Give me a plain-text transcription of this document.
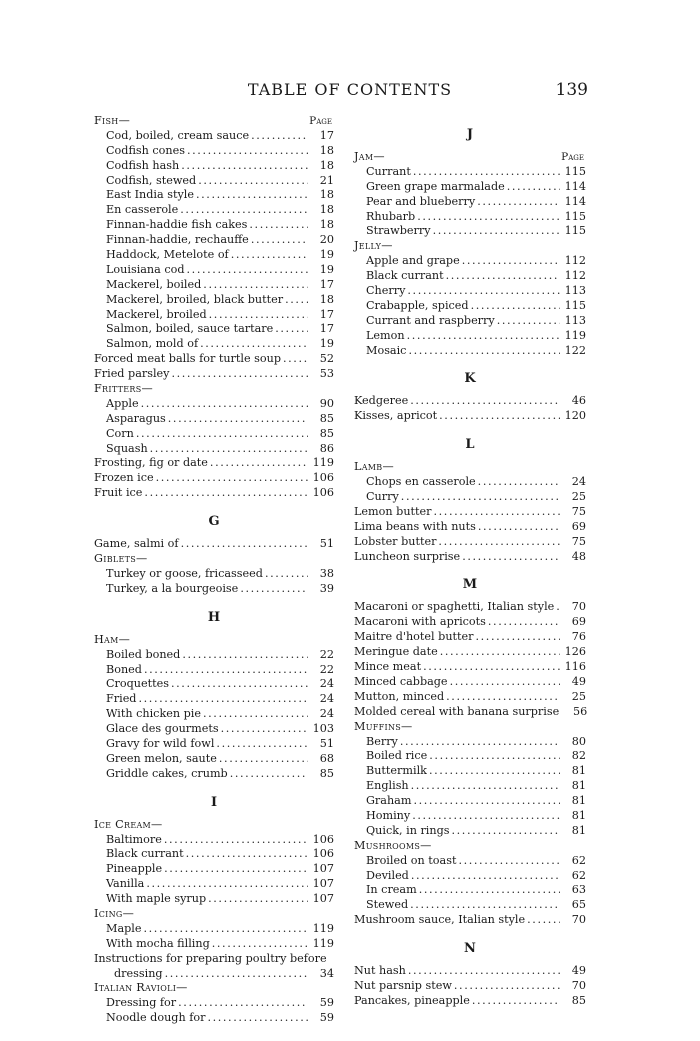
TABLE OF CONTENTS	139
Fish—	Page
Cod, boiled, cream sauce .....	17
Codfish cones .....	18
Codfish hash .....	18
Codfish, stewed .....	21
East India style .....	18
En casserole .....	18
Finnan-haddie fish cakes .....	18
Finnan-haddie, rechauffe .....	20
Haddock, Metelote of .....	19
Louisiana cod .....	19
Mackerel, boiled .....	17
Mackerel, broiled, black butter .....	18
Mackerel, broiled .....	17
Salmon, boiled, sauce tartare .....	17
Salmon, mold of .....	19
Forced meat balls for turtle soup .....	52
Fried parsley .....	53
Fritters—
Apple .....	90
Asparagus .....	85
Corn .....	85
Squash .....	86
Frosting, fig or date .....	119
Frozen ice .....	106
Fruit ice .....	106
G
Game, salmi of .....	51
Giblets—
Turkey or goose, fricasseed .....	38
Turkey, a la bourgeoise .....	39
H
Ham—
Boiled boned .....	22
Boned .....	22
Croquettes .....	24
Fried .....	24
With chicken pie .....	24
Glace des gourmets .....	103
Gravy for wild fowl .....	51
Green melon, saute .....	68
Griddle cakes, crumb .....	85
I
Ice Cream—
Baltimore .....	106
Black currant .....	106
Pineapple .....	107
Vanilla .....	107
With maple syrup .....	107
Icing—
Maple .....	119
With mocha filling .....	119
Instructions for preparing poultry before
dressing .....	34
Italian Ravioli—
Dressing for .....	59
Noodle dough for .....	59
J
Jam—	Page
Currant .....	115
Green grape marmalade .....	114
Pear and blueberry .....	114
Rhubarb .....	115
Strawberry .....	115
Jelly—
Apple and grape .....	112
Black currant .....	112
Cherry .....	113
Crabapple, spiced .....	115
Currant and raspberry .....	113
Lemon .....	119
Mosaic .....	122
K
Kedgeree .....	46
Kisses, apricot .....	120
L
Lamb—
Chops en casserole .....	24
Curry .....	25
Lemon butter .....	75
Lima beans with nuts .....	69
Lobster butter .....	75
Luncheon surprise .....	48
M
Macaroni or spaghetti, Italian style .....	70
Macaroni with apricots .....	69
Maitre d'hotel butter .....	76
Meringue date .....	126
Mince meat .....	116
Minced cabbage .....	49
Mutton, minced .....	25
Molded cereal with banana surprise	56
Muffins—
Berry .....	80
Boiled rice .....	82
Buttermilk .....	81
English .....	81
Graham .....	81
Hominy .....	81
Quick, in rings .....	81
Mushrooms—
Broiled on toast .....	62
Deviled .....	62
In cream .....	63
Stewed .....	65
Mushroom sauce, Italian style .....	70
N
Nut hash .....	49
Nut parsnip stew .....	70
Pancakes, pineapple .....	85
